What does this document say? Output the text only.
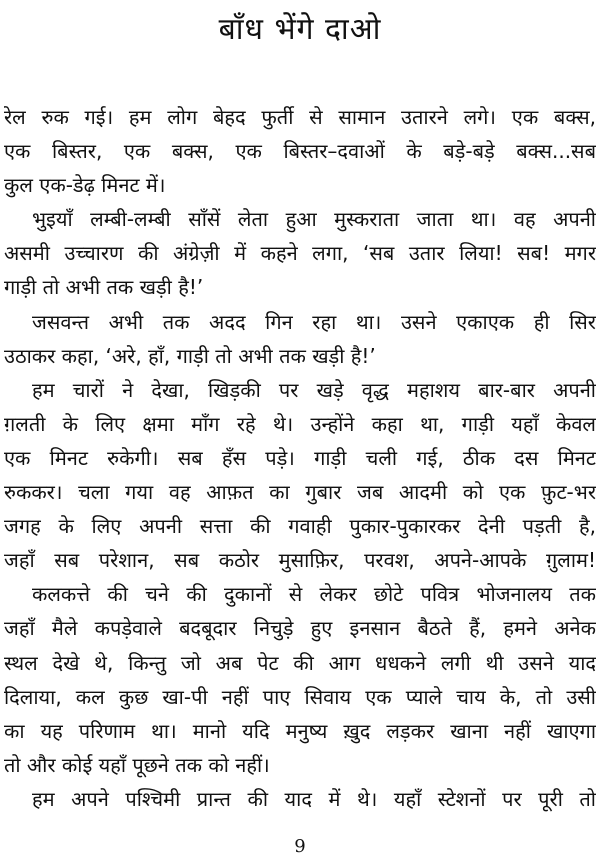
बाँध भेंगे दाओ
रेल रुक गई। हम लोग बेहद फुर्ती से सामान उतारने लगे। एक बक्स,
एक बिस्तर, एक बक्स, एक बिस्तर–दवाओं के बड़े-बड़े बक्स...सब
कुल एक-डेढ़ मिनट में।
भुइयाँ लम्बी-लम्बी साँसें लेता हुआ मुस्कराता जाता था। वह अपनी
असमी उच्चारण की अंग्रेज़ी में कहने लगा, ‘सब उतार लिया! सब! मगर
गाड़ी तो अभी तक खड़ी है!’
जसवन्त अभी तक अदद गिन रहा था। उसने एकाएक ही सिर
उठाकर कहा, ‘अरे, हाँ, गाड़ी तो अभी तक खड़ी है!’
हम चारों ने देखा, खिड़की पर खड़े वृद्ध महाशय बार-बार अपनी
ग़लती के लिए क्षमा माँग रहे थे। उन्होंने कहा था, गाड़ी यहाँ केवल
एक मिनट रुकेगी। सब हँस पड़े। गाड़ी चली गई, ठीक दस मिनट
रुककर। चला गया वह आफ़त का गुबार जब आदमी को एक फ़ुट-भर
जगह के लिए अपनी सत्ता की गवाही पुकार-पुकारकर देनी पड़ती है,
जहाँ सब परेशान, सब कठोर मुसाफ़िर, परवश, अपने-आपके ग़ुलाम!
कलकत्ते की चने की दुकानों से लेकर छोटे पवित्र भोजनालय तक
जहाँ मैले कपड़ेवाले बदबूदार निचुड़े हुए इनसान बैठते हैं, हमने अनेक
स्थल देखे थे, किन्तु जो अब पेट की आग धधकने लगी थी उसने याद
दिलाया, कल कुछ खा-पी नहीं पाए सिवाय एक प्याले चाय के, तो उसी
का यह परिणाम था। मानो यदि मनुष्य ख़ुद लड़कर खाना नहीं खाएगा
तो और कोई यहाँ पूछने तक को नहीं।
हम अपने पश्चिमी प्रान्त की याद में थे। यहाँ स्टेशनों पर पूरी तो
9
